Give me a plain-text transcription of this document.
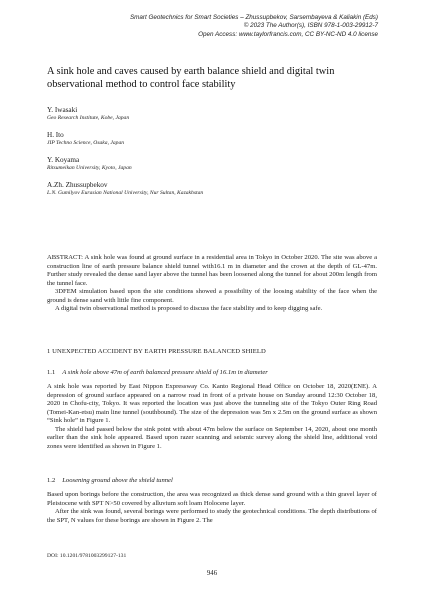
Smart Geotechnics for Smart Societies – Zhussupbekov, Sarsembayeva & Kaliakin (Eds)
© 2023 The Author(s), ISBN 978-1-003-29912-7
Open Access: www.taylorfrancis.com, CC BY-NC-ND 4.0 license
A sink hole and caves caused by earth balance shield and digital twin observational method to control face stability
Y. Iwasaki
Geo Research Institute, Kobe, Japan
H. Ito
JIP Techno Science, Osaka, Japan
Y. Koyama
Ritsumeikan University, Kyoto, Japan
A.Zh. Zhussupbekov
L.N. Gumilyov Eurasian National University, Nur Sultan, Kazakhstan

ABSTRACT: A sink hole was found at ground surface in a residential area in Tokyo in October 2020. The site was above a construction line of earth pressure balance shield tunnel with16.1 m in diameter and the crown at the depth of GL-47m. Further study revealed the dense sand layer above the tunnel has been loosened along the tunnel for about 200m length from the tunnel face.

3DFEM simulation based upon the site conditions showed a possibility of the loosing stability of the face when the ground is dense sand with little fine component.

A digital twin observational method is proposed to discuss the face stability and to keep digging safe.

1 UNEXPECTED ACCIDENT BY EARTH PRESSURE BALANCED SHIELD
1.1 A sink hole above 47m of earth balanced pressure shield of 16.1m in diameter

A sink hole was reported by East Nippon Expressway Co. Kanto Regional Head Office on October 18, 2020(ENE). A depression of ground surface appeared on a narrow road in front of a private house on Sunday around 12:30 October 18, 2020 in Chofu-city, Tokyo. It was reported the location was just above the tunneling site of the Tokyo Outer Ring Road (Tomei-Kan-etsu) main line tunnel (southbound). The size of the depression was 5m x 2.5m on the ground surface as shown “Sink hole” in Figure 1.

The shield had passed below the sink point with about 47m below the surface on September 14, 2020, about one month earlier than the sink hole appeared. Based upon razer scanning and seismic survey along the shield line, additional void zones were identified as shown in Figure 1.

1.2 Loosening ground above the shield tunnel

Based upon borings before the construction, the area was recognized as thick dense sand ground with a thin gravel layer of Pleistocene with SPT N>50 covered by alluvium soft loam Holocene layer.

After the sink was found, several borings were performed to study the geotechnical conditions. The depth distributions of the SPT, N values for these borings are shown in Figure 2. The

DOI: 10.1201/9781003299127-131
946
